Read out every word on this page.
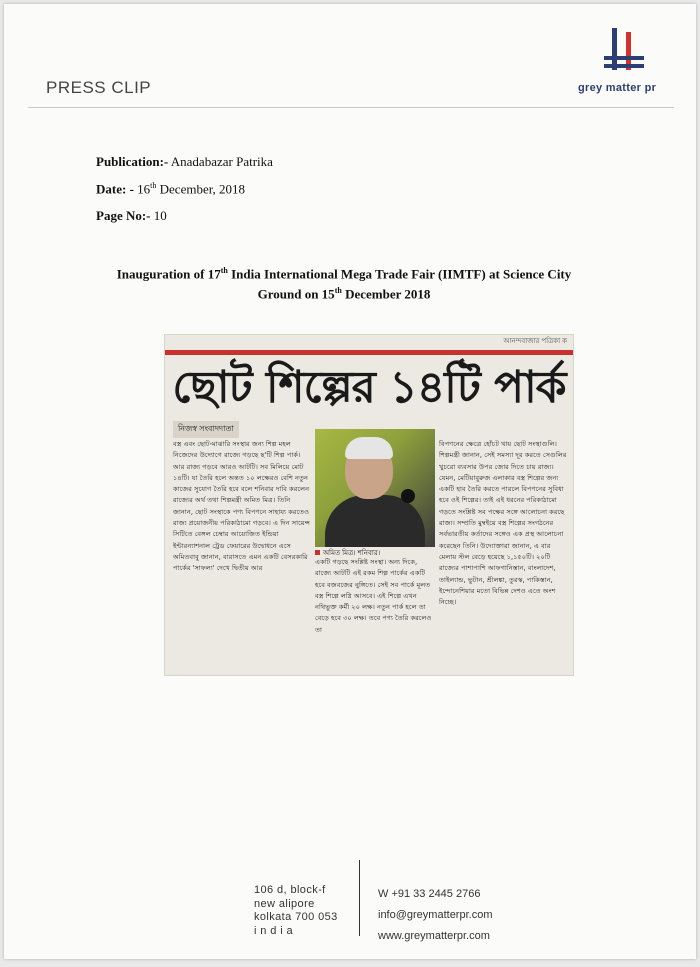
PRESS CLIP	grey matter pr
Publication:- Anadabazar Patrika
Date: - 16th December, 2018
Page No:- 10
Inauguration of 17th India International Mega Trade Fair (IIMTF) at Science City
Ground on 15th December 2018
আনন্দবাজার পত্রিকা ক
ছোট শিল্পের ১৪টি পার্ক
নিজস্ব সংবাদদাতা
বস্ত্র এবং ছোট-মাঝারি সংস্থার জন্য শিল্প মহল নিজেদের উদ্যোগে রাজ্যে গড়ছে ছ'টি শিল্প পার্ক। আর রাজ্য গড়বে আরও আটটি। সব মিলিয়ে মোট ১৪টি। যা তৈরি হলে অন্তত ১০ লক্ষেরও বেশি নতুন কাজের সুযোগ তৈরি হবে বলে শনিবার দাবি করলেন রাজ্যের অর্থ তথা শিল্পমন্ত্রী অমিত মিত্র। তিনি জানান, ছোট সংস্থাকে পণ্য বিপণনে সাহায্য করতেও রাজ্য প্রয়োজনীয় পরিকাঠামো গড়বে। এ দিন সায়েন্স সিটিতে বেঙ্গল চেম্বার আয়োজিত ইন্ডিয়া ইন্টারন্যাশনাল ট্রেড ফেয়ারের উদ্বোধনে এসে অমিতবাবু জানান, বারাসতে এমন একটি বেসরকারি পার্কের 'সাফল্য' দেখে দ্বিতীয় আর
অমিত মিত্র। শনিবার।
একটি গড়ছে সংশ্লিষ্ট সংস্থা। অন্য দিকে, রাজ্যে আটটি এই রকম শিল্প পার্কের একটি হবে বজবজের নুঙ্গিতে। সেই সব পার্কে মূলত বস্ত্র শিল্পে লগ্নি আসবে। এই শিল্পে এখন নথিভুক্ত কর্মী ২০ লক্ষ। নতুন পার্ক হলে তা বেড়ে হবে ৩০ লক্ষ। তবে পণ্য তৈরি করলেও তা
বিপণনের ক্ষেত্রে হোঁচট খায় ছোট সংস্থাগুলি। শিল্পমন্ত্রী জানান, সেই সমস্যা দূর করতে সেগুলির খুচরো ব্যবসার উপর জোর দিতে চায় রাজ্য। যেমন, মেটিয়াবুরুজ এলাকার বস্ত্র শিল্পের জন্য একটি হাব তৈরি করতে পারলে বিপণনের সুবিধা হবে ওই শিল্পের। তাই এই ধরনের পরিকাঠামো গড়তে সংশ্লিষ্ট সব পক্ষের সঙ্গে আলোচনা করছে রাজ্য। সম্প্রতি মুম্বইয়ে বস্ত্র শিল্পের সংগঠনের সর্বভারতীয় কর্তাদের সঙ্গেও এক প্রস্থ আলোচনা করেছেন তিনি। উদ্যোক্তারা জানান, এ বার মেলায় স্টল বেড়ে হয়েছে ১,১৫০টি। ২০টি রাজ্যের পাশাপাশি আফগানিস্তান, বাংলাদেশ, তাইল্যান্ড, ভুটান, শ্রীলঙ্কা, তুরস্ক, পাকিস্তান, ইন্দোনেশিয়ার মতো বিভিন্ন দেশও এতে অংশ নিচ্ছে।
106 d, block-f
new alipore
kolkata 700 053
i n d i a
W +91 33 2445 2766
info@greymatterpr.com
www.greymatterpr.com
